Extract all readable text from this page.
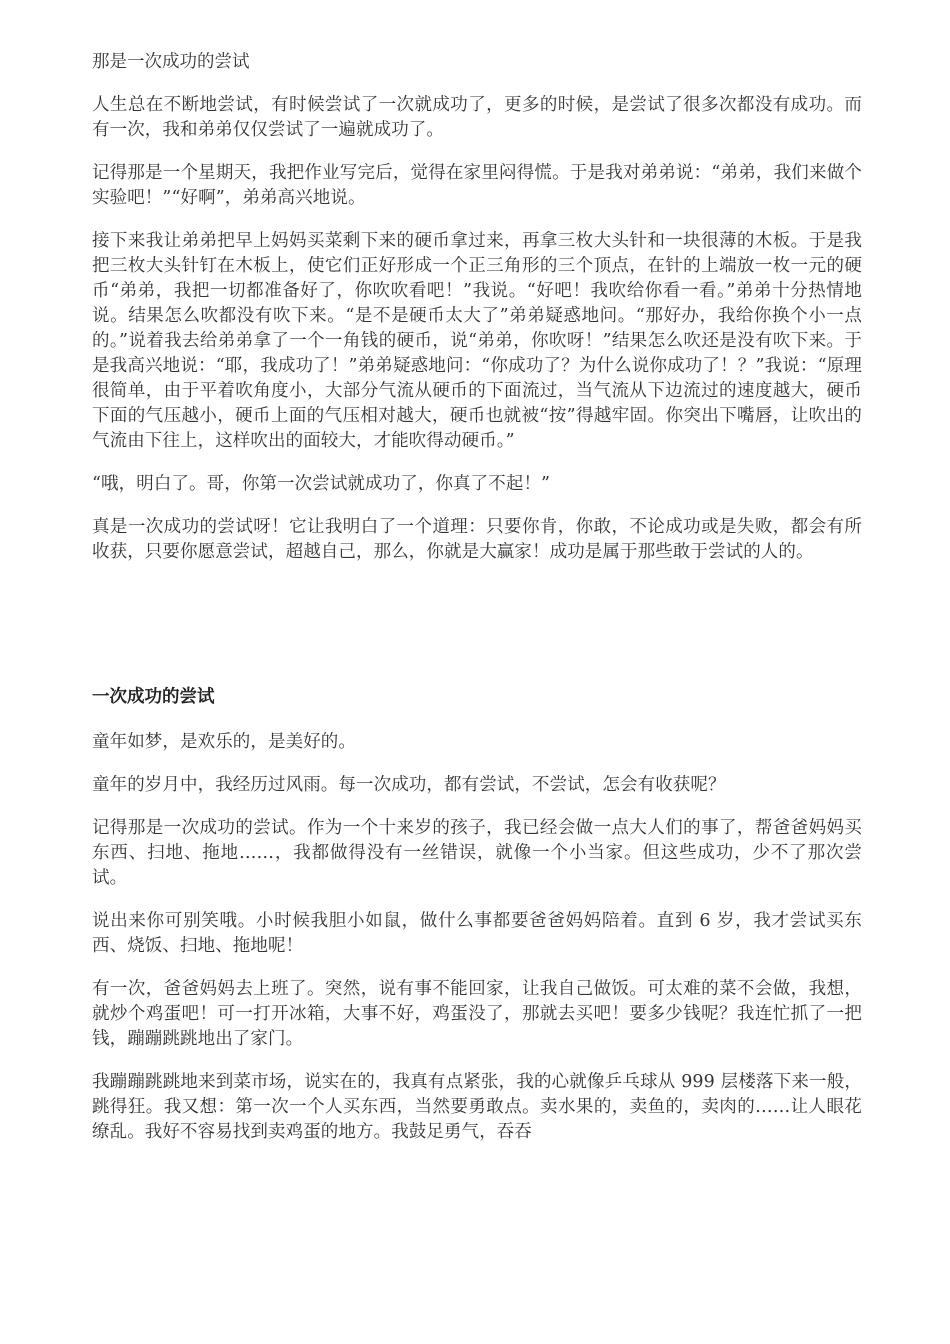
那是一次成功的尝试

人生总在不断地尝试，有时候尝试了一次就成功了，更多的时候，是尝试了很多次都没有成功。而有一次，我和弟弟仅仅尝试了一遍就成功了。

记得那是一个星期天，我把作业写完后，觉得在家里闷得慌。于是我对弟弟说：“弟弟，我们来做个实验吧！”“好啊”，弟弟高兴地说。

接下来我让弟弟把早上妈妈买菜剩下来的硬币拿过来，再拿三枚大头针和一块很薄的木板。于是我把三枚大头针钉在木板上，使它们正好形成一个正三角形的三个顶点，在针的上端放一枚一元的硬币“弟弟，我把一切都准备好了，你吹吹看吧！”我说。“好吧！我吹给你看一看。”弟弟十分热情地说。结果怎么吹都没有吹下来。“是不是硬币太大了”弟弟疑惑地问。“那好办，我给你换个小一点的。”说着我去给弟弟拿了一个一角钱的硬币，说“弟弟，你吹呀！”结果怎么吹还是没有吹下来。于是我高兴地说：“耶，我成功了！”弟弟疑惑地问：“你成功了？为什么说你成功了！？”我说：“原理很简单，由于平着吹角度小，大部分气流从硬币的下面流过，当气流从下边流过的速度越大，硬币下面的气压越小，硬币上面的气压相对越大，硬币也就被“按”得越牢固。你突出下嘴唇，让吹出的气流由下往上，这样吹出的面较大，才能吹得动硬币。”

“哦，明白了。哥，你第一次尝试就成功了，你真了不起！”

真是一次成功的尝试呀！它让我明白了一个道理：只要你肯，你敢，不论成功或是失败，都会有所收获，只要你愿意尝试，超越自己，那么，你就是大赢家！成功是属于那些敢于尝试的人的。

一次成功的尝试

童年如梦，是欢乐的，是美好的。

童年的岁月中，我经历过风雨。每一次成功，都有尝试，不尝试，怎会有收获呢？

记得那是一次成功的尝试。作为一个十来岁的孩子，我已经会做一点大人们的事了，帮爸爸妈妈买东西、扫地、拖地……，我都做得没有一丝错误，就像一个小当家。但这些成功，少不了那次尝试。

说出来你可别笑哦。小时候我胆小如鼠，做什么事都要爸爸妈妈陪着。直到 6 岁，我才尝试买东西、烧饭、扫地、拖地呢！

有一次，爸爸妈妈去上班了。突然，说有事不能回家，让我自己做饭。可太难的菜不会做，我想，就炒个鸡蛋吧！可一打开冰箱，大事不好，鸡蛋没了，那就去买吧！要多少钱呢？我连忙抓了一把钱，蹦蹦跳跳地出了家门。

我蹦蹦跳跳地来到菜市场，说实在的，我真有点紧张，我的心就像乒乓球从 999 层楼落下来一般，跳得狂。我又想：第一次一个人买东西，当然要勇敢点。卖水果的，卖鱼的，卖肉的……让人眼花缭乱。我好不容易找到卖鸡蛋的地方。我鼓足勇气，吞吞
